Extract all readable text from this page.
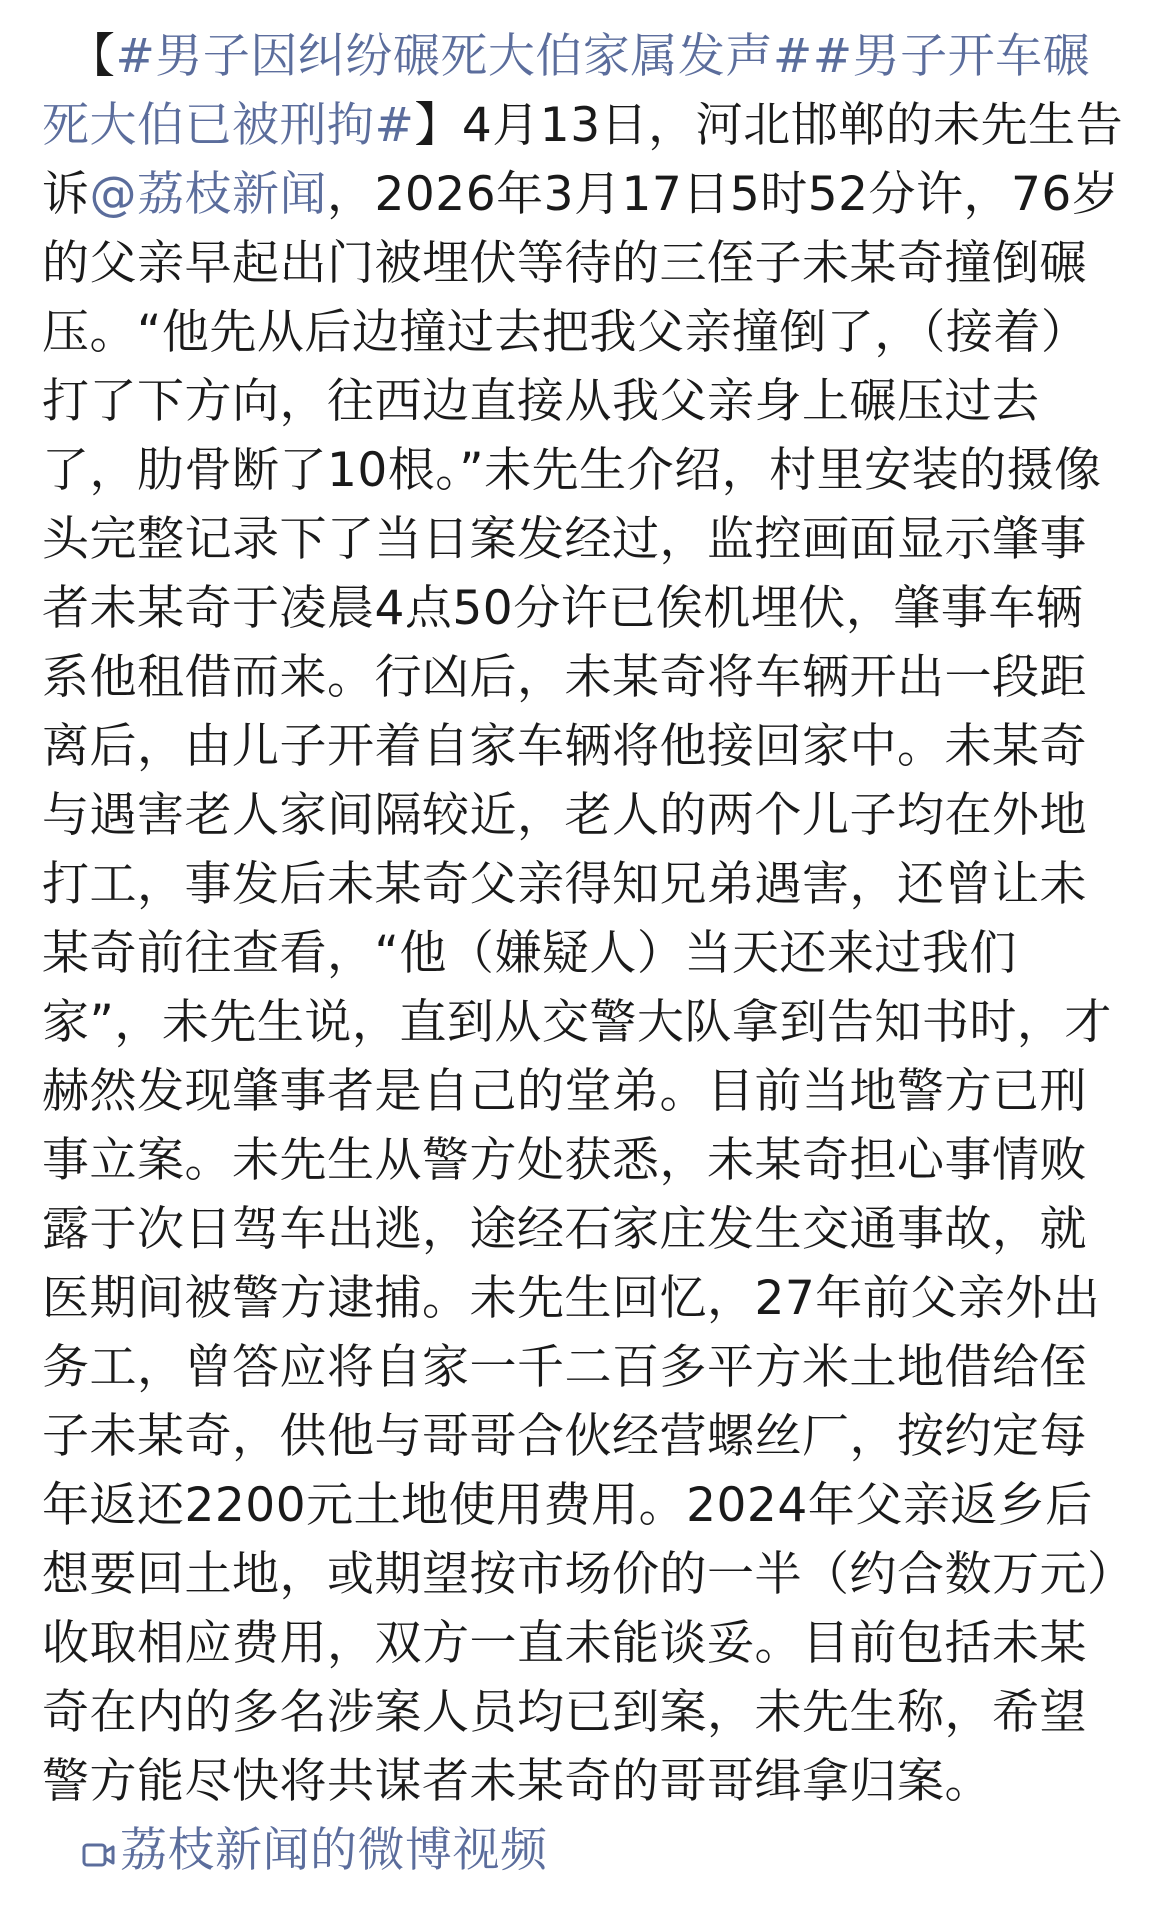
【#男子因纠纷碾死大伯家属发声##男子开车碾死大伯已被刑拘#】4月13日，河北邯郸的未先生告诉@荔枝新闻，2026年3月17日5时52分许，76岁的父亲早起出门被埋伏等待的三侄子未某奇撞倒碾压。“他先从后边撞过去把我父亲撞倒了，（接着）打了下方向，往西边直接从我父亲身上碾压过去了，肋骨断了10根。”未先生介绍，村里安装的摄像头完整记录下了当日案发经过，监控画面显示肇事者未某奇于凌晨4点50分许已俟机埋伏，肇事车辆系他租借而来。行凶后，未某奇将车辆开出一段距离后，由儿子开着自家车辆将他接回家中。未某奇与遇害老人家间隔较近，老人的两个儿子均在外地打工，事发后未某奇父亲得知兄弟遇害，还曾让未某奇前往查看，“他（嫌疑人）当天还来过我们家”，未先生说，直到从交警大队拿到告知书时，才赫然发现肇事者是自己的堂弟。目前当地警方已刑事立案。未先生从警方处获悉，未某奇担心事情败露于次日驾车出逃，途经石家庄发生交通事故，就医期间被警方逮捕。未先生回忆，27年前父亲外出务工，曾答应将自家一千二百多平方米土地借给侄子未某奇，供他与哥哥合伙经营螺丝厂，按约定每年返还2200元土地使用费用。2024年父亲返乡后想要回土地，或期望按市场价的一半（约合数万元）收取相应费用，双方一直未能谈妥。目前包括未某奇在内的多名涉案人员均已到案，未先生称，希望警方能尽快将共谋者未某奇的哥哥缉拿归案。荔枝新闻的微博视频
